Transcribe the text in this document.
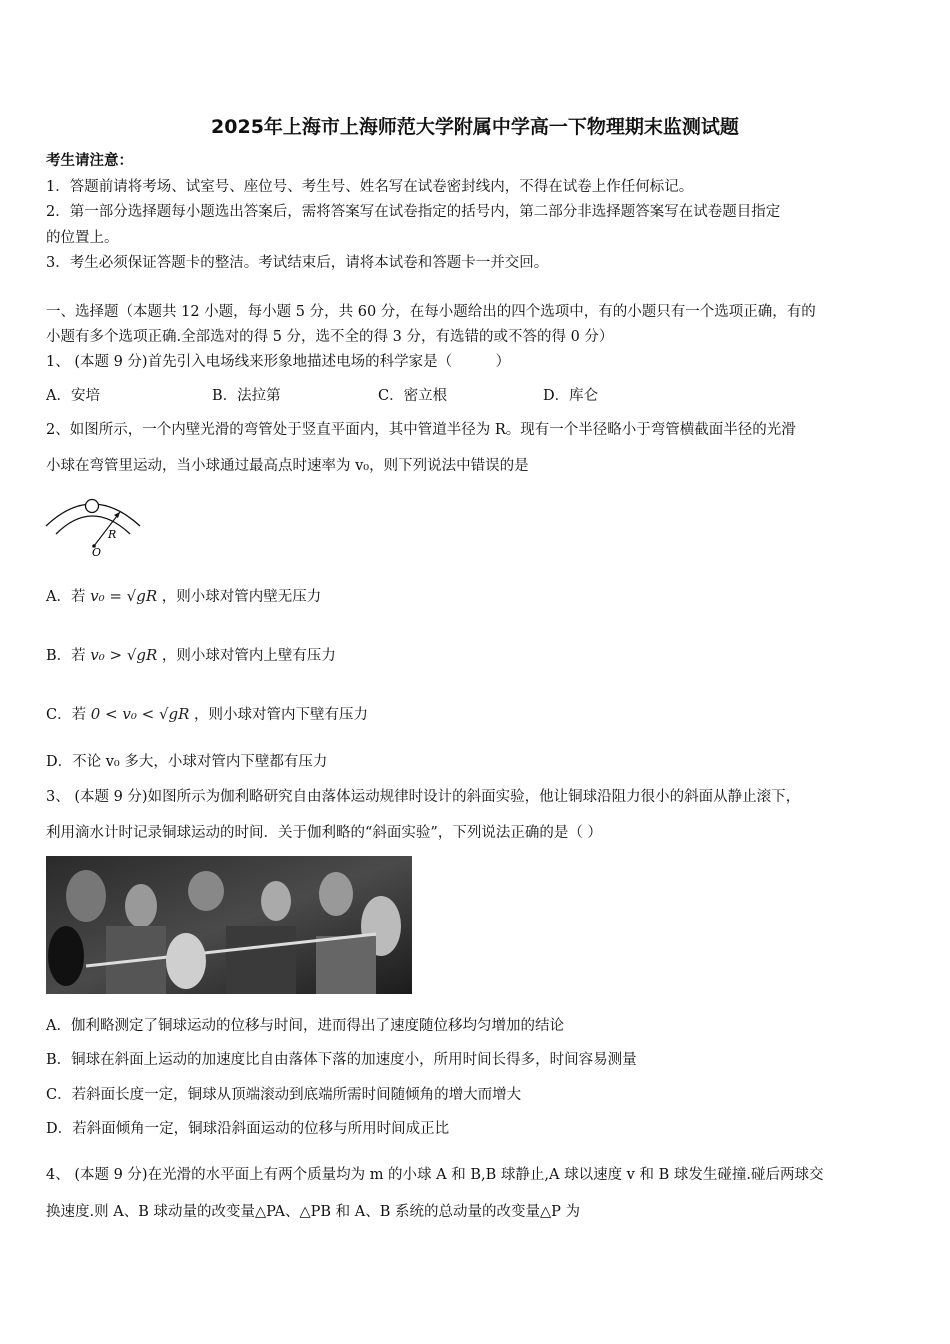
2025年上海市上海师范大学附属中学高一下物理期末监测试题
考生请注意：
1．答题前请将考场、试室号、座位号、考生号、姓名写在试卷密封线内，不得在试卷上作任何标记。
2．第一部分选择题每小题选出答案后，需将答案写在试卷指定的括号内，第二部分非选择题答案写在试卷题目指定
的位置上。
3．考生必须保证答题卡的整洁。考试结束后，请将本试卷和答题卡一并交回。
一、选择题（本题共 12 小题，每小题 5 分，共 60 分，在每小题给出的四个选项中，有的小题只有一个选项正确，有的
小题有多个选项正确.全部选对的得 5 分，选不全的得 3 分，有选错的或不答的得 0 分）
1、 (本题 9 分)首先引入电场线来形象地描述电场的科学家是（　　　）
A．安培	B．法拉第	C．密立根	D．库仑
2、如图所示，一个内壁光滑的弯管处于竖直平面内，其中管道半径为 R。现有一个半径略小于弯管横截面半径的光滑
小球在弯管里运动，当小球通过最高点时速率为 v₀，则下列说法中错误的是
R
O
A．若 v₀ = √gR ，则小球对管内壁无压力
B．若 v₀ > √gR ，则小球对管内上壁有压力
C．若 0 < v₀ < √gR ，则小球对管内下壁有压力
D．不论 v₀ 多大，小球对管内下壁都有压力
3、 (本题 9 分)如图所示为伽利略研究自由落体运动规律时设计的斜面实验，他让铜球沿阻力很小的斜面从静止滚下，
利用滴水计时记录铜球运动的时间．关于伽利略的“斜面实验”，下列说法正确的是（ ）
A．伽利略测定了铜球运动的位移与时间，进而得出了速度随位移均匀增加的结论
B．铜球在斜面上运动的加速度比自由落体下落的加速度小，所用时间长得多，时间容易测量
C．若斜面长度一定，铜球从顶端滚动到底端所需时间随倾角的增大而增大
D．若斜面倾角一定，铜球沿斜面运动的位移与所用时间成正比
4、 (本题 9 分)在光滑的水平面上有两个质量均为 m 的小球 A 和 B,B 球静止,A 球以速度 v 和 B 球发生碰撞.碰后两球交
换速度.则 A、B 球动量的改变量△PA、△PB 和 A、B 系统的总动量的改变量△P 为
